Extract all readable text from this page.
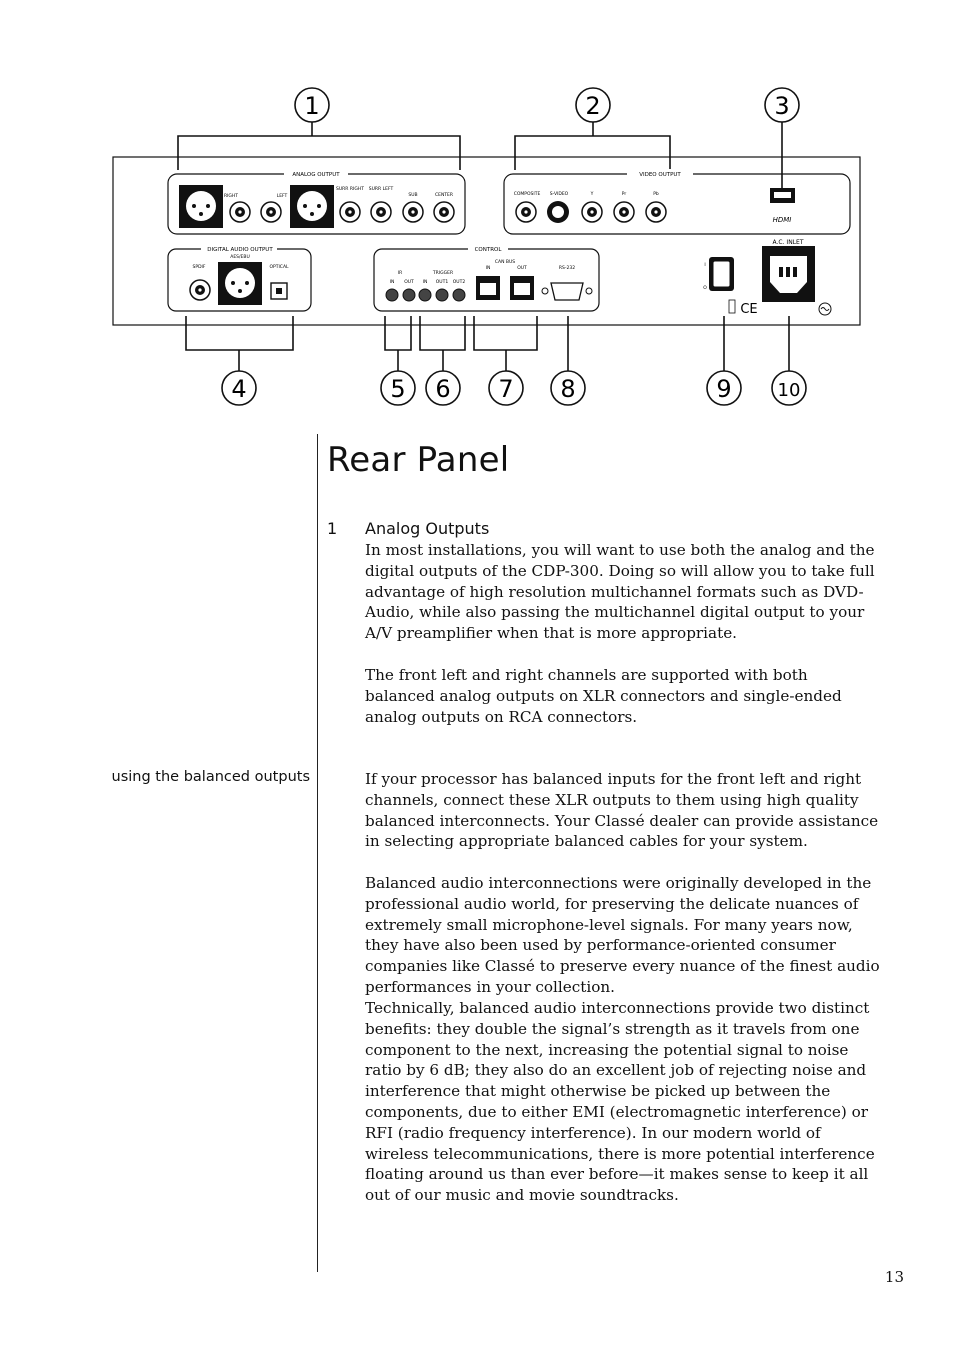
1	2	3
ANALOG OUTPUT
RIGHT	LEFT
SURR RIGHT SURR LEFT
SUB	CENTER
VIDEO OUTPUT
COMPOSITE S-VIDEO	Y	Pr	Pb
HDMI
DIGITAL AUDIO OUTPUT
AES/EBU
SPDIF	OPTICAL
CONTROL
IR	TRIGGER
IN OUT IN OUT1 OUT2
CAN BUS
IN	OUT	RS-232
I
O
CE
A.C. INLET
4	5 6 7 8	9	10
Rear Panel
1 Analog Outputs

In most installations, you will want to use both the analog and the digital outputs of the CDP-300. Doing so will allow you to take full advantage of high resolution multichannel formats such as DVD-Audio, while also passing the multichannel digital output to your A/V preamplifier when that is more appropriate.

The front left and right channels are supported with both balanced analog outputs on XLR connectors and single-ended analog outputs on RCA connectors.

using the balanced outputs	If your processor has balanced inputs for the front left and right channels, connect these XLR outputs to them using high quality balanced interconnects. Your Classé dealer can provide assistance in selecting appropriate balanced cables for your system.

Balanced audio interconnections were originally developed in the professional audio world, for preserving the delicate nuances of extremely small microphone-level signals. For many years now, they have also been used by performance-oriented consumer companies like Classé to preserve every nuance of the finest audio performances in your collection.

Technically, balanced audio interconnections provide two distinct benefits: they double the signal’s strength as it travels from one component to the next, increasing the potential signal to noise ratio by 6 dB; they also do an excellent job of rejecting noise and interference that might otherwise be picked up between the components, due to either EMI (electromagnetic interference) or RFI (radio frequency interference). In our modern world of wireless telecommunications, there is more potential interference floating around us than ever before—it makes sense to keep it all out of our music and movie soundtracks.

13
